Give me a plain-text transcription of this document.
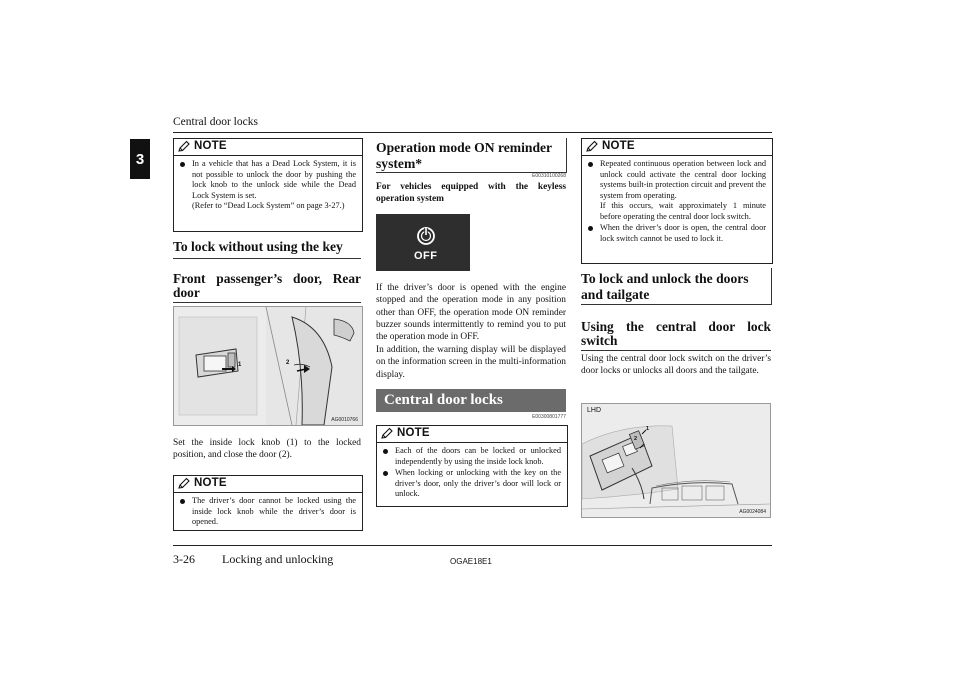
Central door locks
3
NOTE
In a vehicle that has a Dead Lock System, it is not possible to unlock the door by pushing the lock knob to the unlock side while the Dead Lock System is set.
(Refer to “Dead Lock System” on page 3-27.)
To lock without using the key
Front passenger’s door, Rear door
1	2
AG0010766
Set the inside lock knob (1) to the locked position, and close the door (2).
NOTE
The driver’s door cannot be locked using the inside lock knob while the driver’s door is opened.
Operation mode ON reminder system*
E00310100268
For vehicles equipped with the keyless operation system
OFF
If the driver’s door is opened with the engine stopped and the operation mode in any position other than OFF, the operation mode ON reminder buzzer sounds intermittently to remind you to put the operation mode in OFF.
In addition, the warning display will be displayed on the information screen in the multi-information display.
Central door locks
E00300801777
NOTE
Each of the doors can be locked or unlocked independently by using the inside lock knob.
When locking or unlocking with the key on the driver’s door, only the driver’s door will lock or unlock.
NOTE
Repeated continuous operation between lock and unlock could activate the central door locking systems built-in protection circuit and prevent the system from operating.
If this occurs, wait approximately 1 minute before operating the central door lock switch.
When the driver’s door is open, the central door lock switch cannot be used to lock it.
To lock and unlock the doors and tailgate
Using the central door lock switch
Using the central door lock switch on the driver’s door locks or unlocks all doors and the tailgate.
LHD
1
2
AG0024084
3-26 Locking and unlocking	OGAE18E1
